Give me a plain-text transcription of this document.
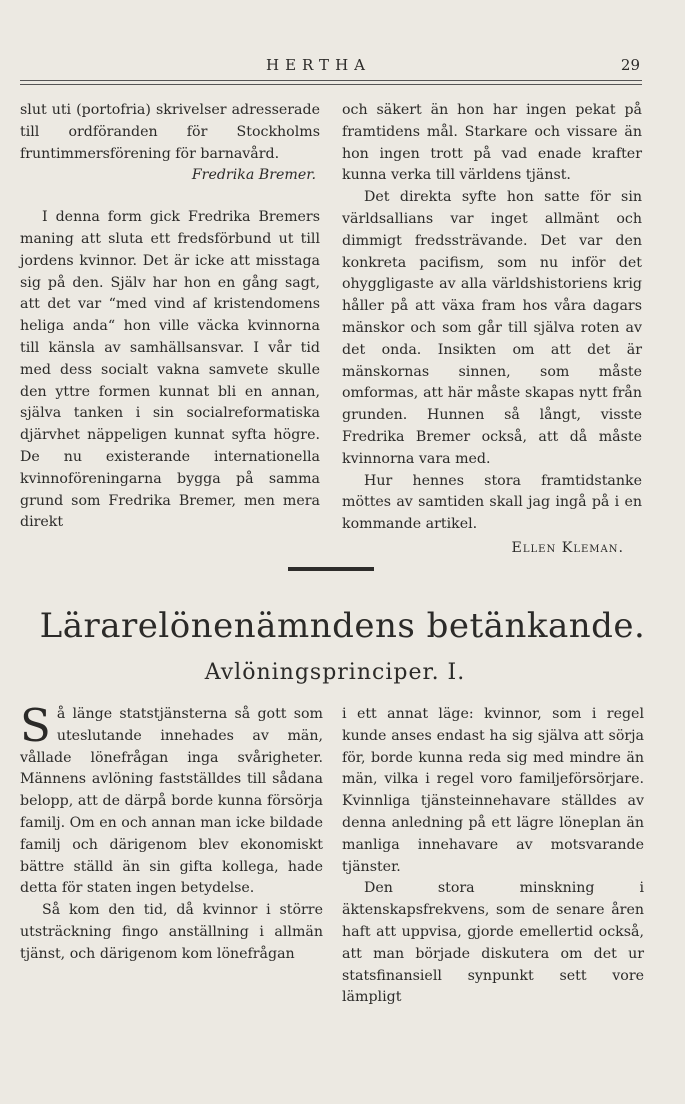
HERTHA	29

slut uti (portofria) skrivelser adresserade till ordföranden för Stockholms fruntimmersförening för barnavård.

Fredrika Bremer.

I denna form gick Fredrika Bremers maning att sluta ett fredsförbund ut till jordens kvinnor. Det är icke att misstaga sig på den. Själv har hon en gång sagt, att det var “med vind af kristendomens heliga anda“ hon ville väcka kvinnorna till känsla av samhällsansvar. I vår tid med dess socialt vakna samvete skulle den yttre formen kunnat bli en annan, själva tanken i sin socialreformatiska djärvhet näppeligen kunnat syfta högre. De nu existerande internationella kvinnoföreningarna bygga på samma grund som Fredrika Bremer, men mera direkt

och säkert än hon har ingen pekat på framtidens mål. Starkare och vissare än hon ingen trott på vad enade krafter kunna verka till världens tjänst.

Det direkta syfte hon satte för sin världsallians var inget allmänt och dimmigt fredssträvande. Det var den konkreta pacifism, som nu inför det ohyggligaste av alla världshistoriens krig håller på att växa fram hos våra dagars mänskor och som går till själva roten av det onda. Insikten om att det är mänskornas sinnen, som måste omformas, att här måste skapas nytt från grunden. Hunnen så långt, visste Fredrika Bremer också, att då måste kvinnorna vara med.

Hur hennes stora framtidstanke möttes av samtiden skall jag ingå på i en kommande artikel.

Ellen Kleman.

Lärarelönenämndens betänkande.
Avlöningsprinciper. I.

Så länge statstjänsterna så gott som uteslutande innehades av män, vållade lönefrågan inga svårigheter. Männens avlöning fastställdes till sådana belopp, att de därpå borde kunna försörja familj. Om en och annan man icke bildade familj och därigenom blev ekonomiskt bättre ställd än sin gifta kollega, hade detta för staten ingen betydelse.

Så kom den tid, då kvinnor i större utsträckning fingo anställning i allmän tjänst, och därigenom kom lönefrågan

i ett annat läge: kvinnor, som i regel kunde anses endast ha sig själva att sörja för, borde kunna reda sig med mindre än män, vilka i regel voro familjeförsörjare. Kvinnliga tjänsteinnehavare ställdes av denna anledning på ett lägre löneplan än manliga innehavare av motsvarande tjänster.

Den stora minskning i äktenskapsfrekvens, som de senare åren haft att uppvisa, gjorde emellertid också, att man började diskutera om det ur statsfinansiell synpunkt sett vore lämpligt
